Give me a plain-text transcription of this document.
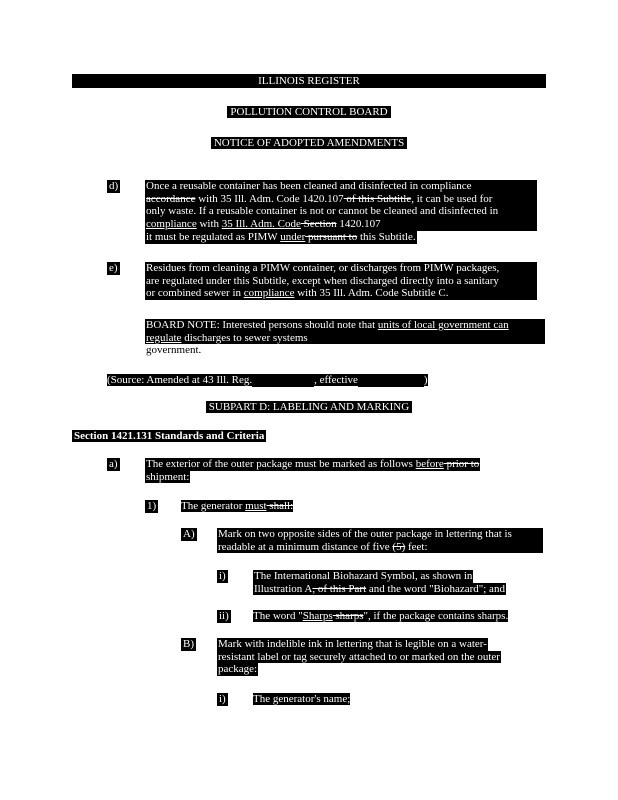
ILLINOIS REGISTER
POLLUTION CONTROL BOARD
NOTICE OF ADOPTED AMENDMENTS
d)	Once a reusable container has been cleaned and disinfected in compliance
accordance with 35 Ill. Adm. Code 1420.107 of this Subtitle, it can be used for
only waste. If a reusable container is not or cannot be cleaned and disinfected in
compliance with 35 Ill. Adm. Code Section 1420.107
it must be regulated as PIMW under pursuant to this Subtitle.
e)	Residues from cleaning a PIMW container, or discharges from PIMW packages,
are regulated under this Subtitle, except when discharged directly into a sanitary
or combined sewer in compliance with 35 Ill. Adm. Code Subtitle C.
BOARD NOTE: Interested persons should note that units of local government can
regulate discharges to sewer systems
government.
(Source: Amended at 43 Ill. Reg.	, effective	)
SUBPART D: LABELING AND MARKING
Section 1421.131 Standards and Criteria
a)	The exterior of the outer package must be marked as follows before prior to
shipment:
1) The generator must shall:
A) Mark on two opposite sides of the outer package in lettering that is
readable at a minimum distance of five (5) feet:
i)	The International Biohazard Symbol, as shown in
Illustration A, of this Part and the word "Biohazard"; and
ii) The word "Sharps sharps", if the package contains sharps.
B) Mark with indelible ink in lettering that is legible on a water-
resistant label or tag securely attached to or marked on the outer
package:
i) The generator's name;
